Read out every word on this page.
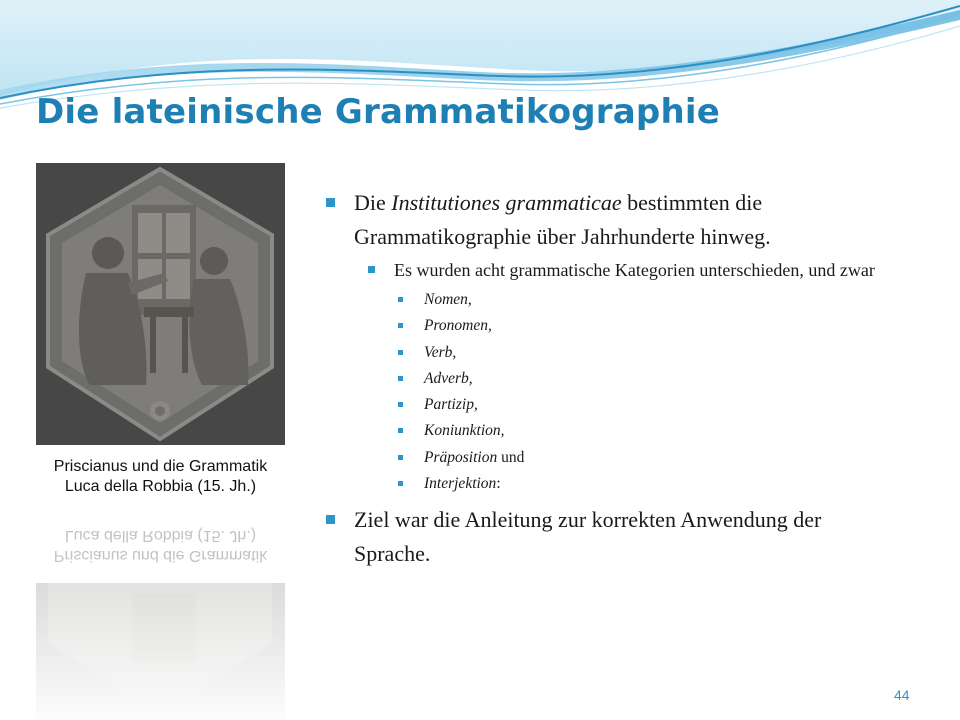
Die lateinische Grammatikographie
Priscianus und die Grammatik
Luca della Robbia (15. Jh.)
Priscianus und die Grammatik
Luca della Robbia (15. Jh.)
Die Institutiones grammaticae bestimmten die Grammatikographie über Jahrhunderte hinweg.
Es wurden acht grammatische Kategorien unterschieden, und zwar
Nomen,
Pronomen,
Verb,
Adverb,
Partizip,
Koniunktion,
Präposition und
Interjektion:
Ziel war die Anleitung zur korrekten Anwendung der Sprache.
44
